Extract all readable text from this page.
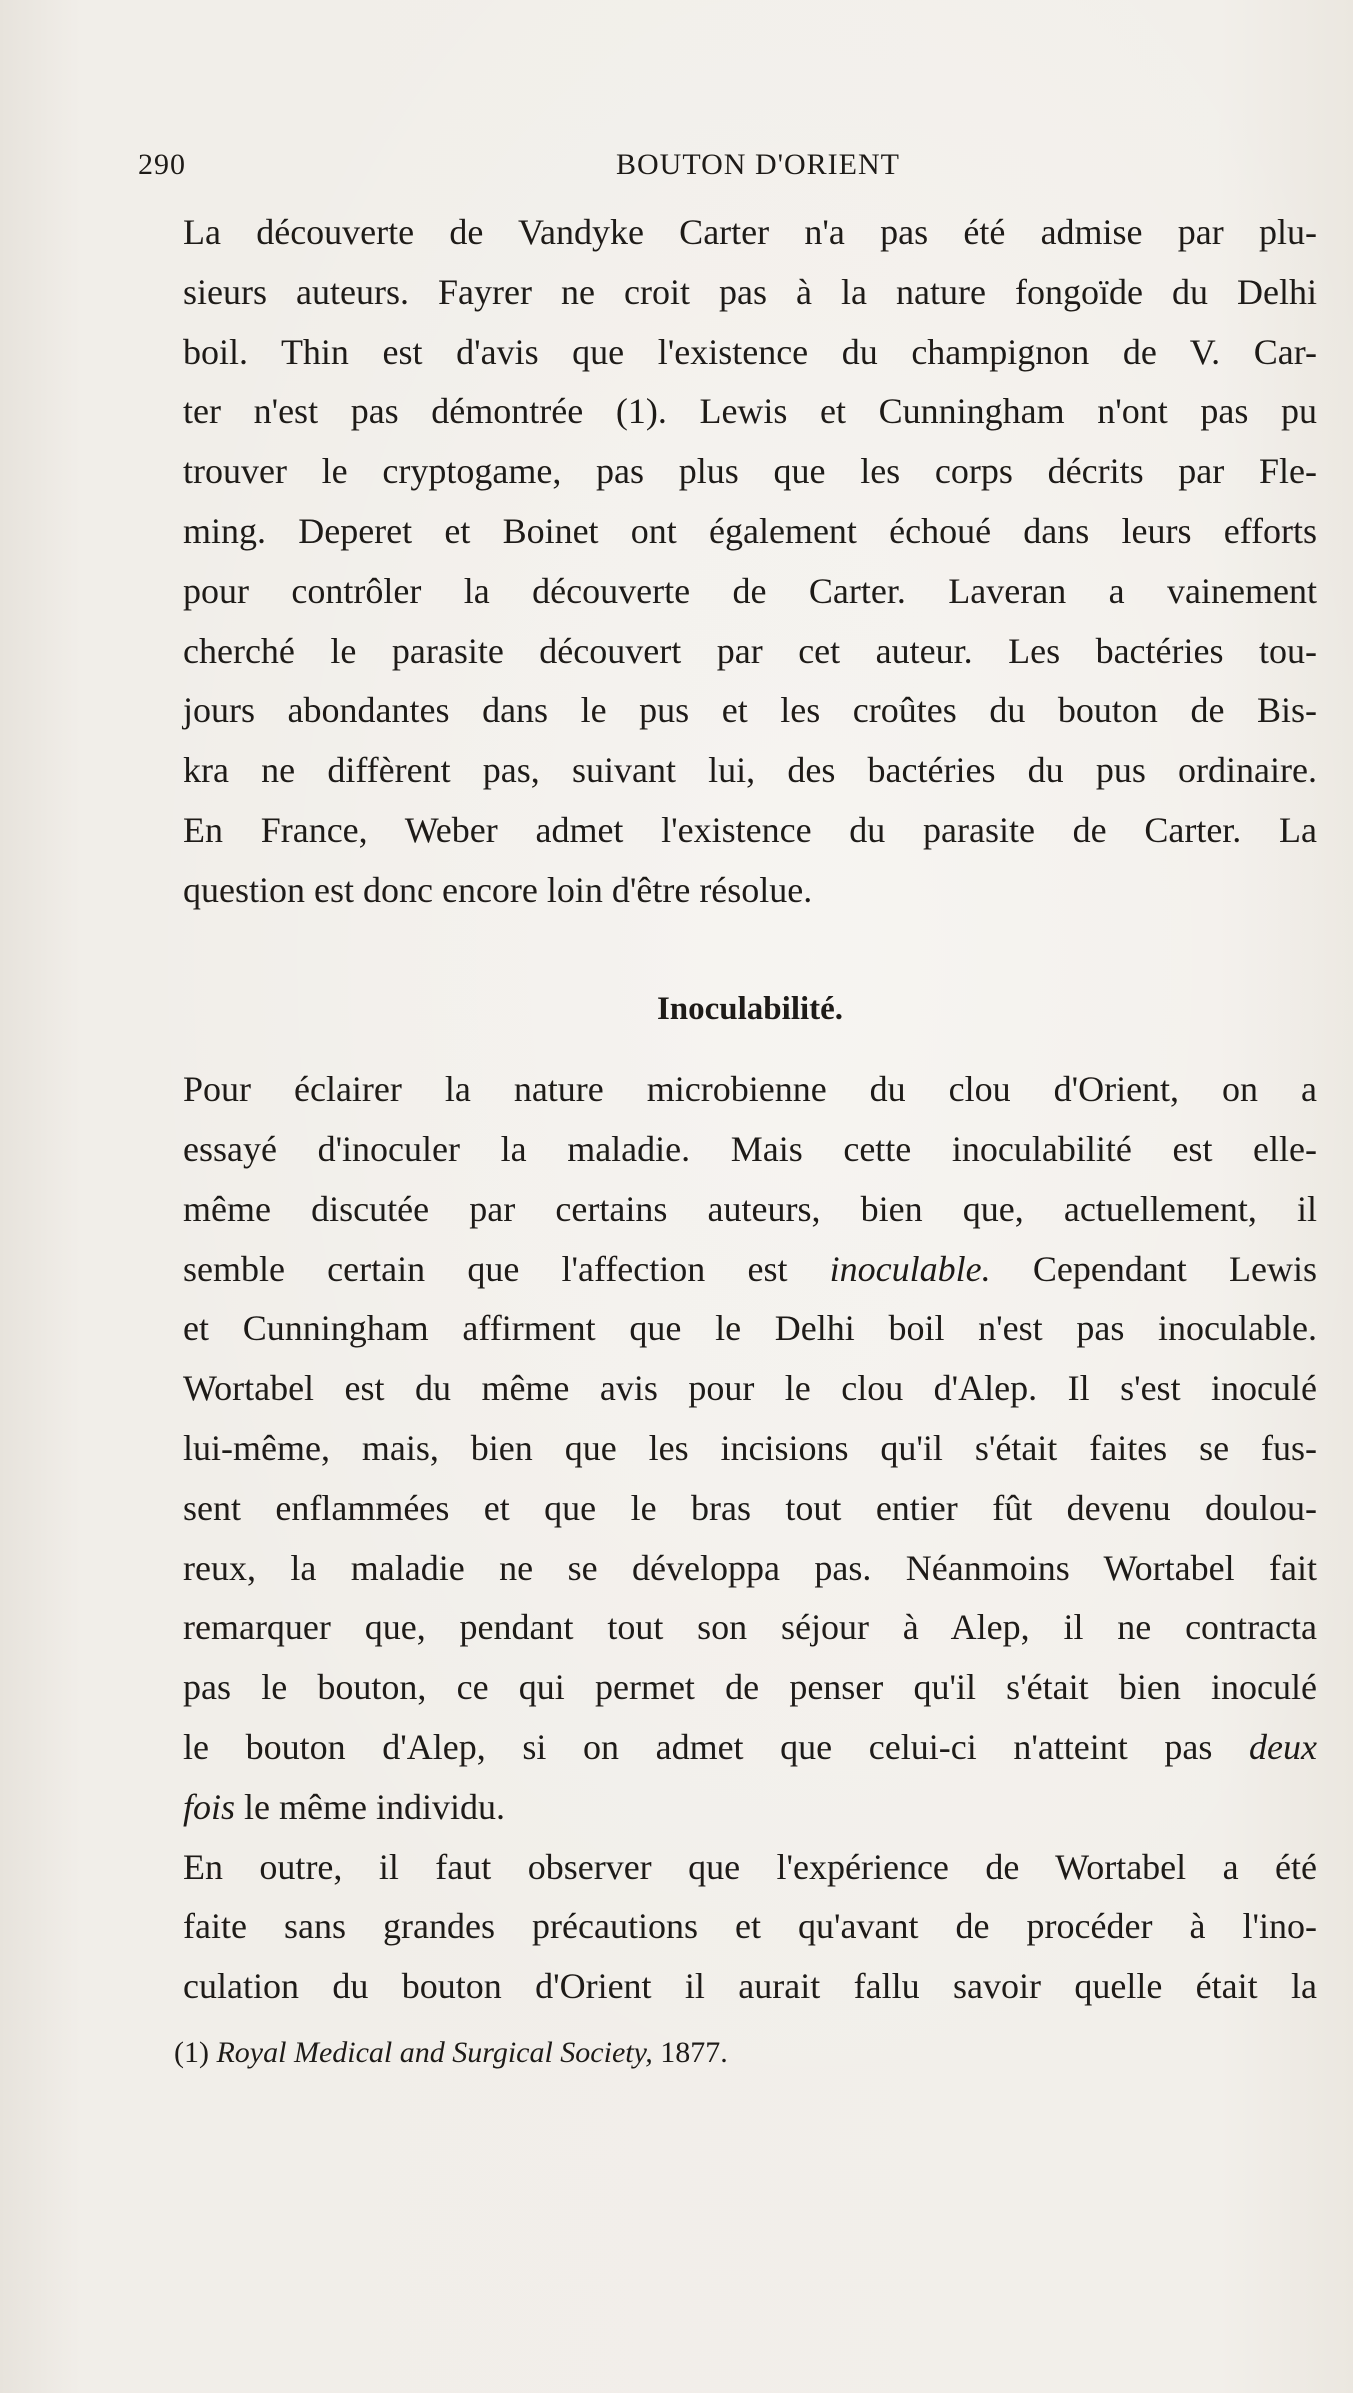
290	BOUTON D'ORIENT
La découverte de Vandyke Carter n'a pas été admise par plu-
sieurs auteurs. Fayrer ne croit pas à la nature fongoïde du Delhi
boil. Thin est d'avis que l'existence du champignon de V. Car-
ter n'est pas démontrée (1). Lewis et Cunningham n'ont pas pu
trouver le cryptogame, pas plus que les corps décrits par Fle-
ming. Deperet et Boinet ont également échoué dans leurs efforts
pour contrôler la découverte de Carter. Laveran a vainement
cherché le parasite découvert par cet auteur. Les bactéries tou-
jours abondantes dans le pus et les croûtes du bouton de Bis-
kra ne diffèrent pas, suivant lui, des bactéries du pus ordinaire.
En France, Weber admet l'existence du parasite de Carter. La
question est donc encore loin d'être résolue.
Inoculabilité.
Pour éclairer la nature microbienne du clou d'Orient, on a
essayé d'inoculer la maladie. Mais cette inoculabilité est elle-
même discutée par certains auteurs, bien que, actuellement, il
semble certain que l'affection est inoculable. Cependant Lewis
et Cunningham affirment que le Delhi boil n'est pas inoculable.
Wortabel est du même avis pour le clou d'Alep. Il s'est inoculé
lui-même, mais, bien que les incisions qu'il s'était faites se fus-
sent enflammées et que le bras tout entier fût devenu doulou-
reux, la maladie ne se développa pas. Néanmoins Wortabel fait
remarquer que, pendant tout son séjour à Alep, il ne contracta
pas le bouton, ce qui permet de penser qu'il s'était bien inoculé
le bouton d'Alep, si on admet que celui-ci n'atteint pas deux
fois le même individu.
En outre, il faut observer que l'expérience de Wortabel a été
faite sans grandes précautions et qu'avant de procéder à l'ino-
culation du bouton d'Orient il aurait fallu savoir quelle était la
(1) Royal Medical and Surgical Society, 1877.
